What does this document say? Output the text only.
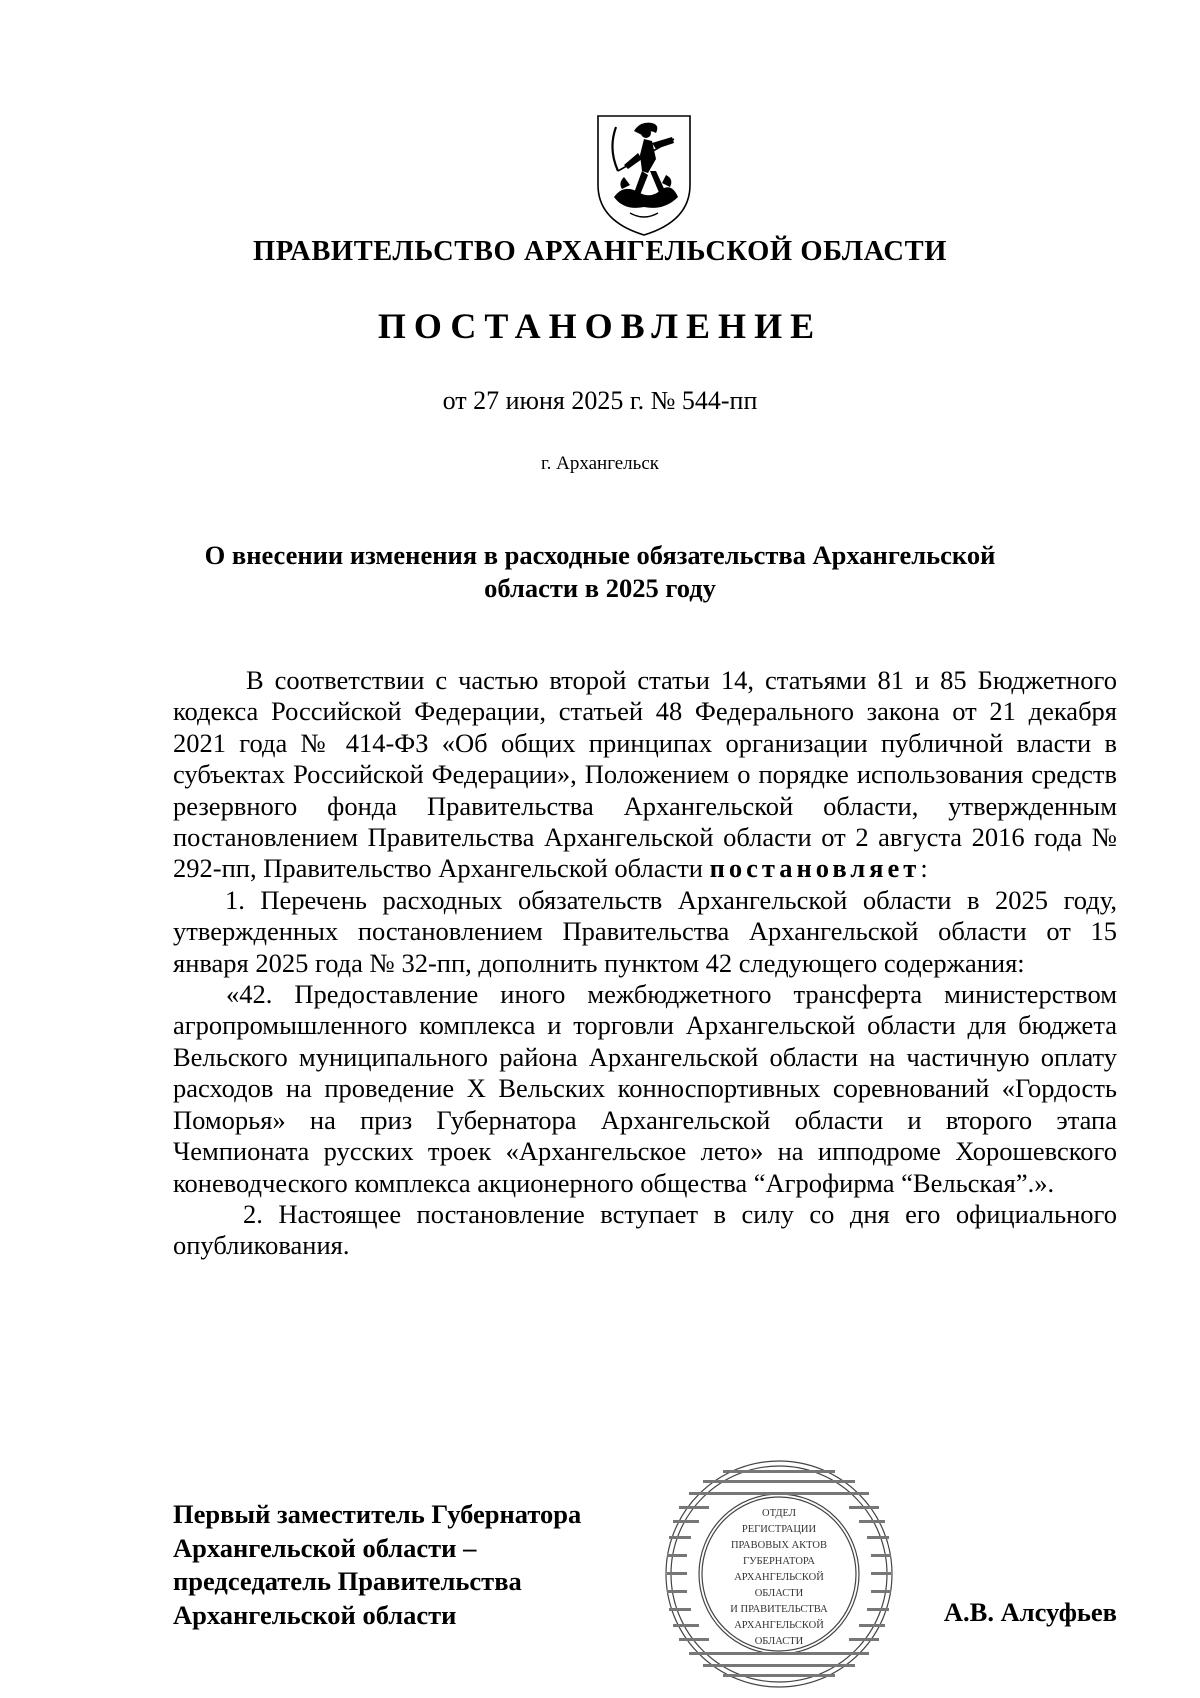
ПРАВИТЕЛЬСТВО АРХАНГЕЛЬСКОЙ ОБЛАСТИ
ПОСТАНОВЛЕНИЕ
от 27 июня 2025 г. № 544-пп
г. Архангельск
О внесении изменения в расходные обязательства Архангельской
области в 2025 году

В соответствии с частью второй статьи 14, статьями 81 и 85 Бюджетного кодекса Российской Федерации, статьей 48 Федерального закона от 21 декабря 2021 года № 414-ФЗ «Об общих принципах организации публичной власти в субъектах Российской Федерации», Положением о порядке использования средств резервного фонда Правительства Архангельской области, утвержденным постановлением Правительства Архангельской области от 2 августа 2016 года № 292-пп, Правительство Архангельской области постановляет:

1. Перечень расходных обязательств Архангельской области в 2025 году, утвержденных постановлением Правительства Архангельской области от 15 января 2025 года № 32-пп, дополнить пунктом 42 следующего содержания:

«42. Предоставление иного межбюджетного трансферта министерством агропромышленного комплекса и торговли Архангельской области для бюджета Вельского муниципального района Архангельской области на частичную оплату расходов на проведение X Вельских конноспортивных соревнований «Гордость Поморья» на приз Губернатора Архангельской области и второго этапа Чемпионата русских троек «Архангельское лето» на ипподроме Хорошевского коневодческого комплекса акционерного общества “Агрофирма “Вельская”.».

2. Настоящее постановление вступает в силу со дня его официального опубликования.

Первый заместитель Губернатора
Архангельской области –
председатель Правительства
Архангельской области
ОТДЕЛ
РЕГИСТРАЦИИ
ПРАВОВЫХ АКТОВ
ГУБЕРНАТОРА
АРХАНГЕЛЬСКОЙ
ОБЛАСТИ
И ПРАВИТЕЛЬСТВА
АРХАНГЕЛЬСКОЙ
ОБЛАСТИ
А.В. Алсуфьев
